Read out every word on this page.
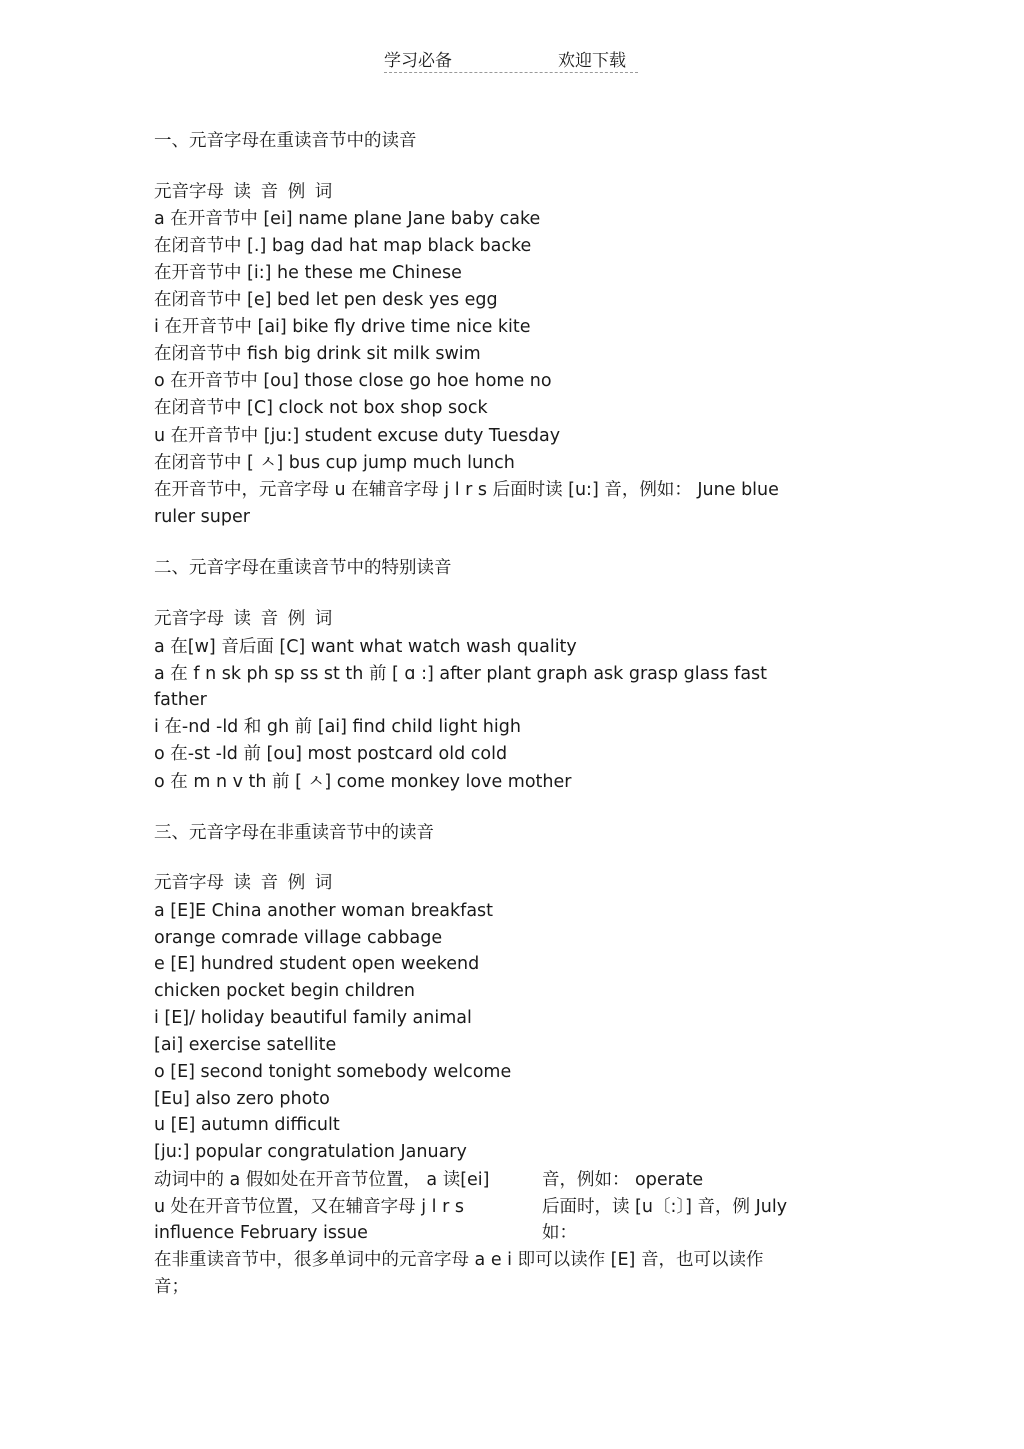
学习必备	欢迎下载
一、元音字母在重读音节中的读音
元音字母 读 音 例 词
a 在开音节中 [ei] name plane Jane baby cake
在闭音节中 [.] bag dad hat map black backe
在开音节中 [i:] he these me Chinese
在闭音节中 [e] bed let pen desk yes egg
i 在开音节中 [ai] bike fly drive time nice kite
在闭音节中 fish big drink sit milk swim
o 在开音节中 [ou] those close go hoe home no
在闭音节中 [C] clock not box shop sock
u 在开音节中 [ju:] student excuse duty Tuesday
在闭音节中 [ ㅅ] bus cup jump much lunch
在开音节中，元音字母 u 在辅音字母 j l r s 后面时读 [u:] 音，例如： June blue
ruler super
二、元音字母在重读音节中的特别读音
元音字母 读 音 例 词
a 在[w] 音后面 [C] want what watch wash quality
a 在 f n sk ph sp ss st th 前 [ ɑ :] after plant graph ask grasp glass fast
father
i 在-nd -ld 和 gh 前 [ai] find child light high
o 在-st -ld 前 [ou] most postcard old cold
o 在 m n v th 前 [ ㅅ] come monkey love mother
三、元音字母在非重读音节中的读音
元音字母 读 音 例 词
a [E]E China another woman breakfast
orange comrade village cabbage
e [E] hundred student open weekend
chicken pocket begin children
i [E]/ holiday beautiful family animal
[ai] exercise satellite
o [E] second tonight somebody welcome
[Eu] also zero photo
u [E] autumn difficult
[ju:] popular congratulation January
动词中的 a 假如处在开音节位置， a 读[ei]	音，例如： operate
u 处在开音节位置，又在辅音字母 j l r s	后面时，读 [u〔:〕] 音，例 July
influence February issue	如：
在非重读音节中，很多单词中的元音字母 a e i 即可以读作 [E] 音，也可以读作
音；
